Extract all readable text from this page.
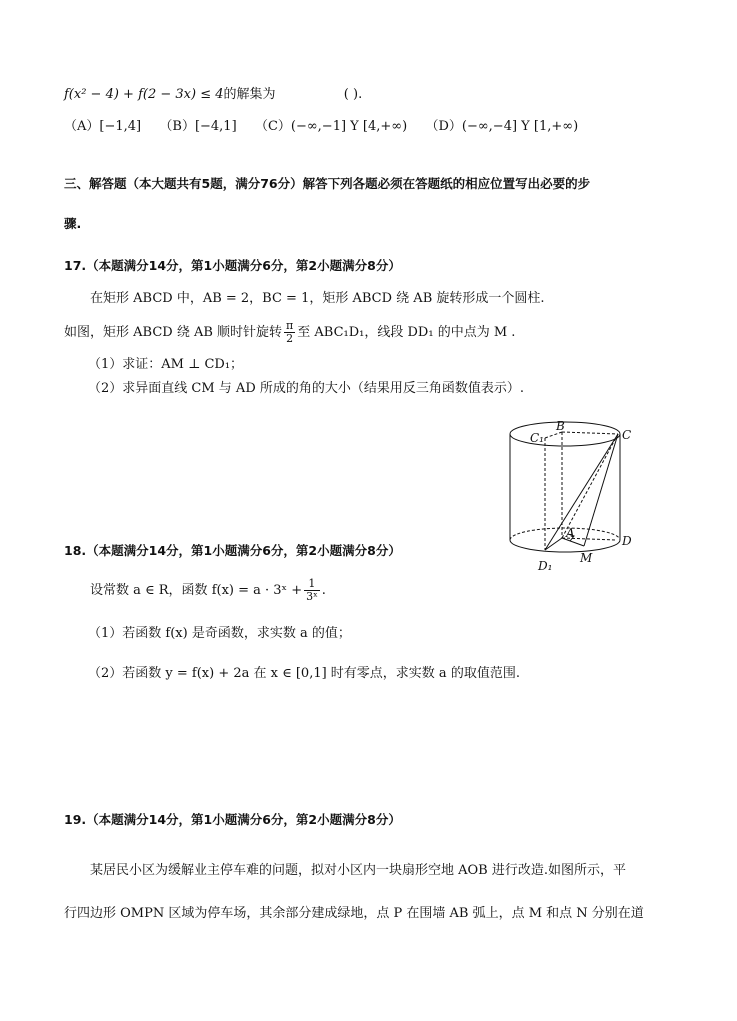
f(x² − 4) + f(2 − 3x) ≤ 4的解集为	( ).
（A）[−1,4] （B）[−4,1] （C）(−∞,−1] Y [4,+∞) （D）(−∞,−4] Y [1,+∞)
三、解答题（本大题共有5题，满分76分）解答下列各题必须在答题纸的相应位置写出必要的步
骤.
17.（本题满分14分，第1小题满分6分，第2小题满分8分）
在矩形 ABCD 中，AB = 2，BC = 1，矩形 ABCD 绕 AB 旋转形成一个圆柱.
如图，矩形 ABCD 绕 AB 顺时针旋转 $\frac{\pi}{2}$ 至 ABC₁D₁，线段 DD₁ 的中点为 M .
（1）求证：AM ⊥ CD₁；
（2）求异面直线 CM 与 AD 所成的角的大小（结果用反三角函数值表示）.
C₁
B
C
A
D
D₁
M
18.（本题满分14分，第1小题满分6分，第2小题满分8分）
设常数 a ∈ R，函数 f(x) = a · 3ˣ + $\frac{1}{\text{3ˣ}}$ .
（1）若函数 f(x) 是奇函数，求实数 a 的值；
（2）若函数 y = f(x) + 2a 在 x ∈ [0,1] 时有零点，求实数 a 的取值范围.
19.（本题满分14分，第1小题满分6分，第2小题满分8分）
某居民小区为缓解业主停车难的问题，拟对小区内一块扇形空地 AOB 进行改造.如图所示，平
行四边形 OMPN 区域为停车场，其余部分建成绿地，点 P 在围墙 AB 弧上，点 M 和点 N 分别在道
